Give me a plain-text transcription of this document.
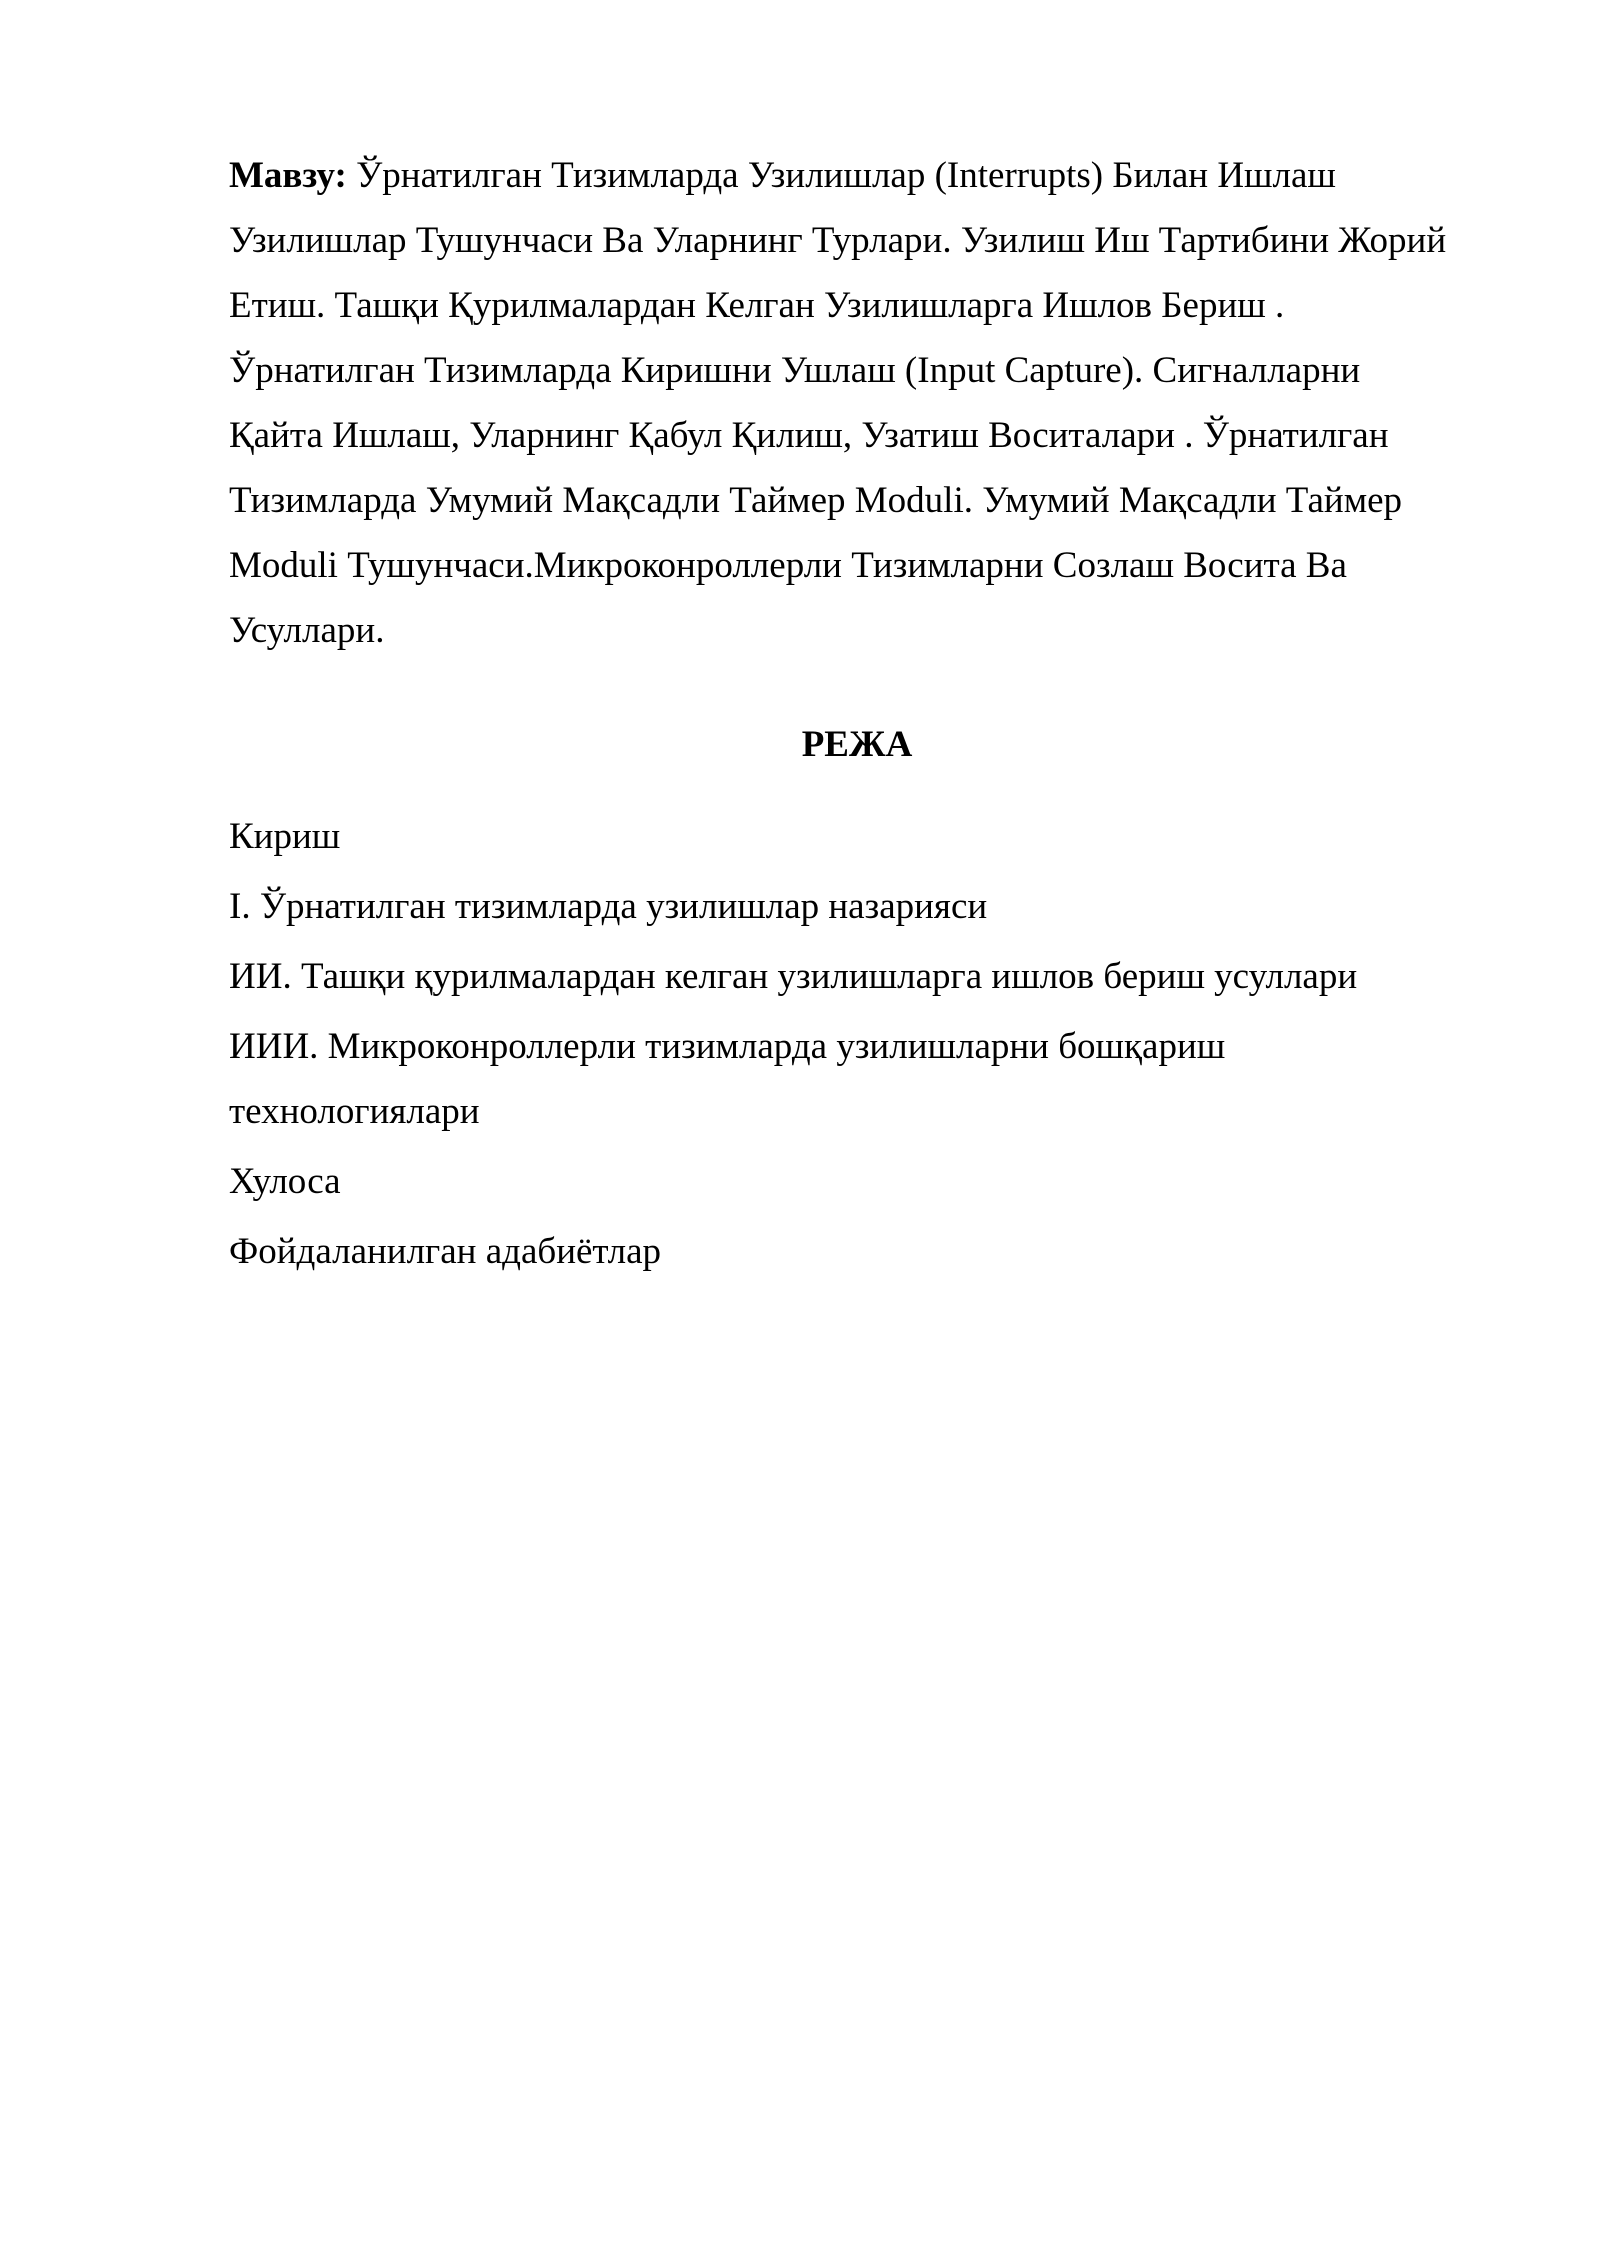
Мавзу: Ўрнатилган Тизимларда Узилишлар (Interrupts) Билан Ишлаш
Узилишлар Тушунчаси Ва Уларнинг Турлари. Узилиш Иш Тартибини Жорий
Етиш. Ташқи Қурилмалардан Келган Узилишларга Ишлов Бериш .
Ўрнатилган Тизимларда Киришни Ушлаш (Input Capture). Сигналларни
Қайта Ишлаш, Уларнинг Қабул Қилиш, Узатиш Воситалари . Ўрнатилган
Тизимларда Умумий Мақсадли Таймер Moduli. Умумий Мақсадли Таймер
Moduli Тушунчаси.Микроконроллерли Тизимларни Созлаш Восита Ва
Усуллари.

РЕЖА
Кириш
I. Ўрнатилган тизимларда узилишлар назарияси
ИИ. Ташқи қурилмалардан келган узилишларга ишлов бериш усуллари
ИИИ. Микроконроллерли тизимларда узилишларни бошқариш
технологиялари
Хулоса
Фойдаланилган адабиётлар
